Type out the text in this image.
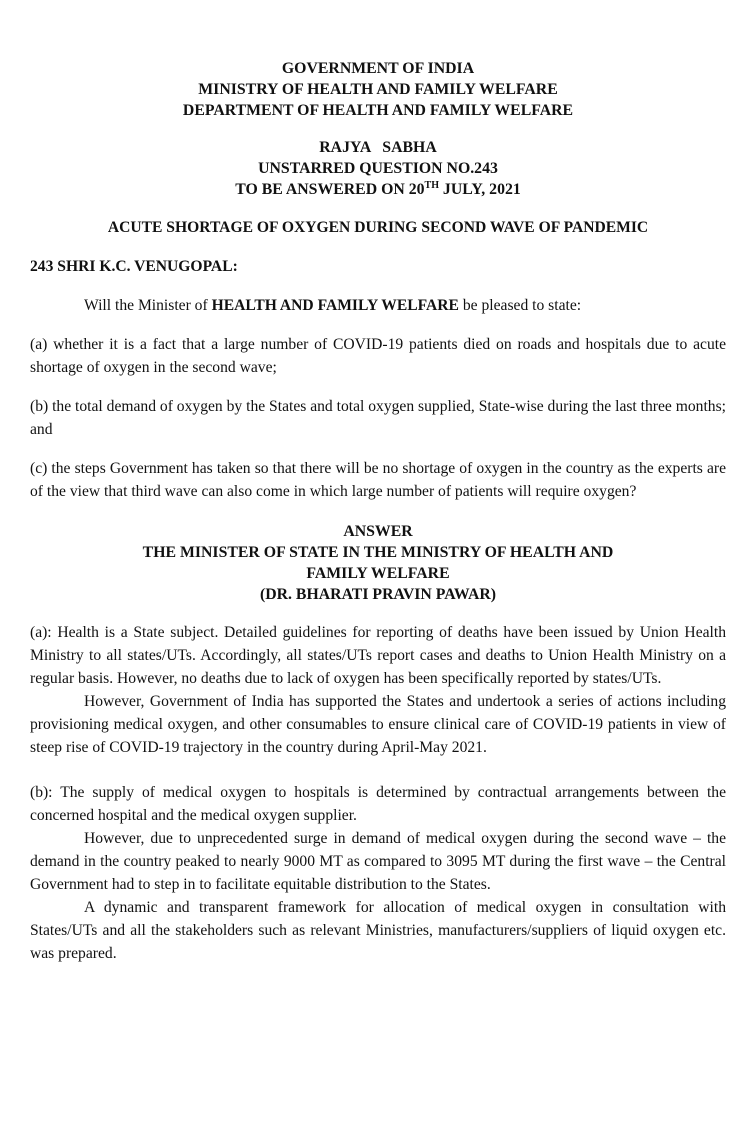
GOVERNMENT OF INDIA
MINISTRY OF HEALTH AND FAMILY WELFARE
DEPARTMENT OF HEALTH AND FAMILY WELFARE
RAJYA   SABHA
UNSTARRED QUESTION NO.243
TO BE ANSWERED ON 20TH JULY, 2021
ACUTE SHORTAGE OF OXYGEN DURING SECOND WAVE OF PANDEMIC

243 SHRI K.C. VENUGOPAL:

Will the Minister of HEALTH AND FAMILY WELFARE be pleased to state:

(a) whether it is a fact that a large number of COVID-19 patients died on roads and hospitals due to acute shortage of oxygen in the second wave;

(b) the total demand of oxygen by the States and total oxygen supplied, State-wise during the last three months; and

(c) the steps Government has taken so that there will be no shortage of oxygen in the country as the experts are of the view that third wave can also come in which large number of patients will require oxygen?

ANSWER
THE MINISTER OF STATE IN THE MINISTRY OF HEALTH AND
FAMILY WELFARE
(DR. BHARATI PRAVIN PAWAR)

(a): Health is a State subject. Detailed guidelines for reporting of deaths have been issued by Union Health Ministry to all states/UTs. Accordingly, all states/UTs report cases and deaths to Union Health Ministry on a regular basis. However, no deaths due to lack of oxygen has been specifically reported by states/UTs.

However, Government of India has supported the States and undertook a series of actions including provisioning medical oxygen, and other consumables to ensure clinical care of COVID-19 patients in view of steep rise of COVID-19 trajectory in the country during April-May 2021.

(b): The supply of medical oxygen to hospitals is determined by contractual arrangements between the concerned hospital and the medical oxygen supplier.

However, due to unprecedented surge in demand of medical oxygen during the second wave – the demand in the country peaked to nearly 9000 MT as compared to 3095 MT during the first wave – the Central Government had to step in to facilitate equitable distribution to the States.

A dynamic and transparent framework for allocation of medical oxygen in consultation with States/UTs and all the stakeholders such as relevant Ministries, manufacturers/suppliers of liquid oxygen etc. was prepared.
